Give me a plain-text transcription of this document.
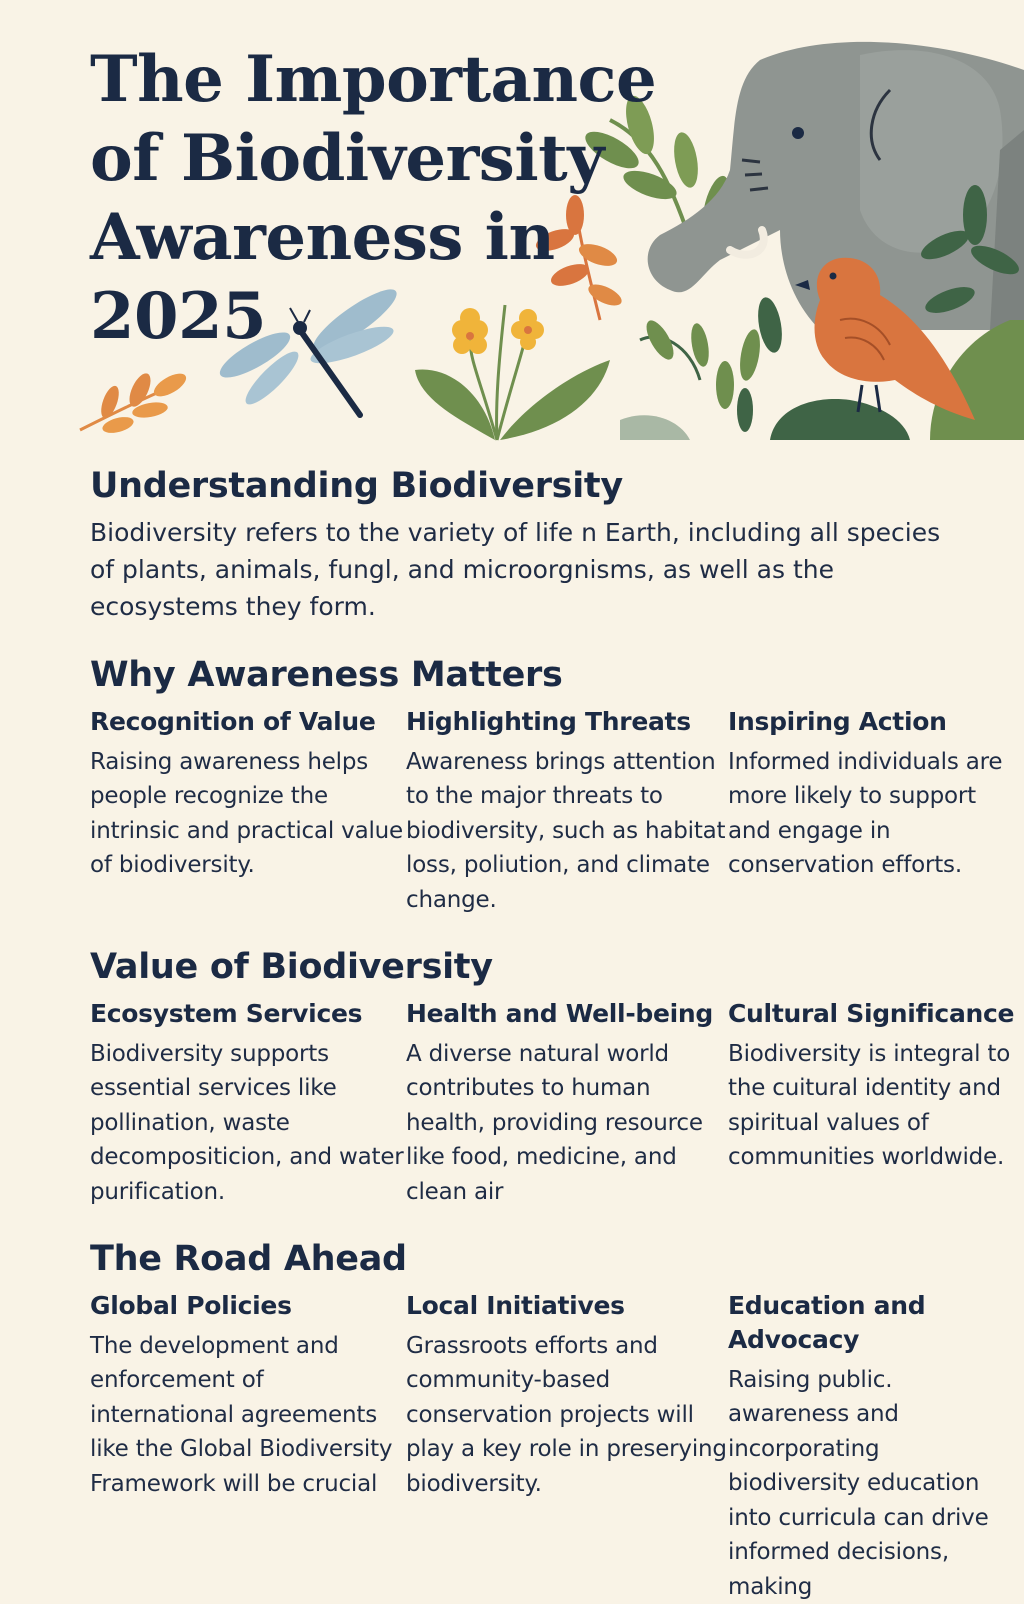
The Importance of Biodiversity Awareness in 2025
Understanding Biodiversity

Biodiversity refers to the variety of life n Earth, including all species of plants, animals, fungl, and microorgnisms, as well as the ecosystems they form.

Why Awareness Matters
Recognition of Value

Raising awareness helps people recognize the intrinsic and practical value of biodiversity.

Highlighting Threats

Awareness brings attention to the major threats to biodiversity, such as habitat loss, poliution, and climate change.

Inspiring Action

Informed individuals are more likely to support and engage in conservation efforts.

Value of Biodiversity
Ecosystem Services

Biodiversity supports essential services like pollination, waste decompositicion, and water purification.

Health and Well-being

A diverse natural world contributes to human health, providing resource like food, medicine, and clean air

Cultural Significance

Biodiversity is integral to the cuitural identity and spiritual values of communities worldwide.

The Road Ahead
Global Policies

The development and enforcement of international agreements like the Global Biodiversity Framework will be crucial

Local Initiatives

Grassroots efforts and community-based conservation projects will play a key role in preserying biodiversity.

Education and Advocacy

Raising public. awareness and incorporating biodiversity education into curricula can drive informed decisions, making
